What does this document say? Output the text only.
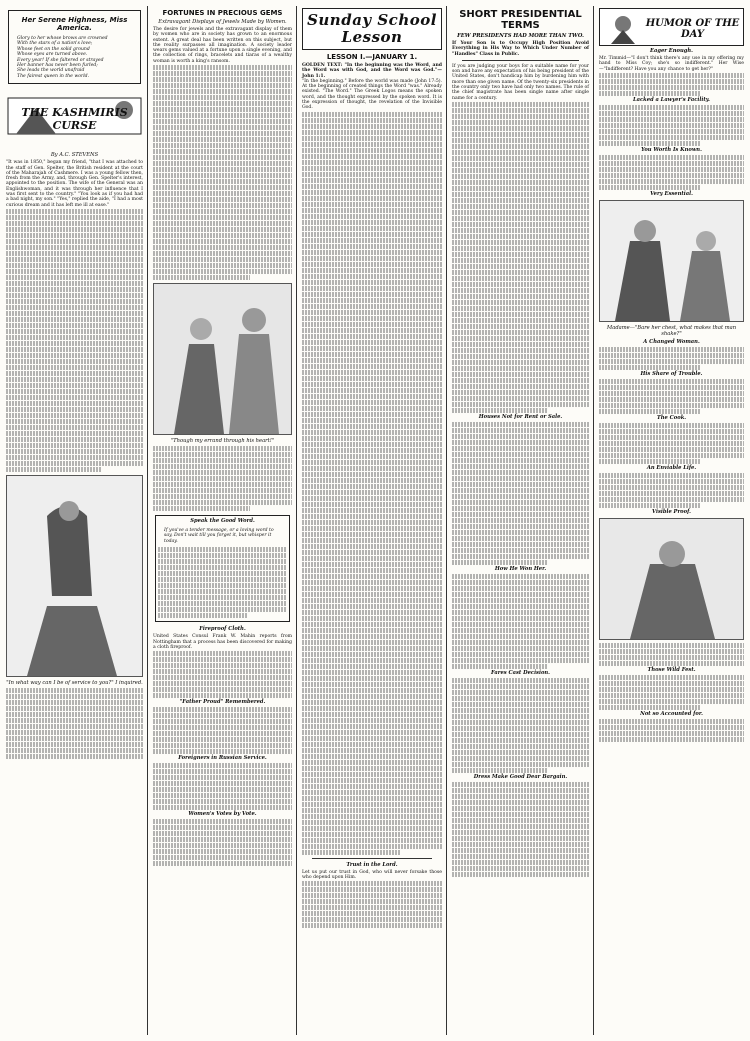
Her Serene Highness, Miss America.
Glory to her whose brows are crowned
With the stars of a nation's love;
Whose feet on the solid ground
Whose eyes are turned above.
Every year! If she faltered or strayed
Her banner has never been furled;
She leads the world unafraid
The fairest queen in the world.
THE KASHMIRIS CURSE
By A.C. STEVENS

"It was in 1850," began my friend, "that I was attached to the staff of Gen. Spelter, the British resident at the court of the Maharajah of Cashmere. I was a young fellow then, fresh from the Army, and, through Gen. Spelter's interest, appointed to the position. The wife of the General was an Englishwoman, and it was through her influence that I was first sent to the country." "You look as if you had had a bad night, my son." "Yes," replied the aide, "I had a most curious dream and it has left me ill at ease."

"In what way can I be of service to you?" I inquired.
FORTUNES IN PRECIOUS GEMS
Extravagant Displays of Jewels Made by Women.

The desire for jewels and the extravagant display of them by women who are in society has grown to an enormous extent. A great deal has been written on this subject, but the reality surpasses all imagination. A society leader wears gems valued at a fortune upon a single evening, and the collection of rings, bracelets and tiaras of a wealthy woman is worth a king's ransom.

"Though my errand through his heart!"
Speak the Good Word.

If you've a tender message, or a loving word to say, Don't wait till you forget it, but whisper it today.

Fireproof Cloth.

United States Consul Frank W. Mahin reports from Nottingham that a process has been discovered for making a cloth fireproof.

"Father Proud" Remembered.
Foreigners in Russian Service.
Women's Votes by Vote.
Sunday School Lesson
LESSON I.—JANUARY 1.

GOLDEN TEXT: "In the beginning was the Word, and the Word was with God, and the Word was God."—John 1:1.

"In the beginning." Before the world was made (John 17:5). At the beginning of created things the Word "was." Already existed. "The Word." The Greek Logos means the spoken word, and the thought expressed by the spoken word. It is the expression of thought, the revelation of the Invisible God.

Trust in the Lord.

Let us put our trust in God, who will never forsake those who depend upon Him.

SHORT PRESIDENTIAL TERMS
FEW PRESIDENTS HAD MORE THAN TWO.

If Your Son is to Occupy High Position Avoid Everything in His Way to Which Under Number of "Handles" Class in Public.

If you are judging your boys for a suitable name for your son and have any expectation of his being president of the United States, don't handicap him by burdening him with more than one given name. Of the twenty-six presidents in the country only two have had only two names. The rule of the chief magistrate has been single name after single name for a century.

Houses Not for Rent or Sale.
How He Won Her.
Fares Cast Decision.
Dress Make Good Dear Bargain.
HUMOR OF THE DAY
Eager Enough.

Mr. Timmid—"I don't think there's any use in my offering my hand to Miss Coy; she's so indifferent." Her Wise—"Indifferent? Have you any chance to get her?"

Lacked a Lawyer's Facility.
You Worth Is Known.
Very Essential.
Madame—"Bare her chest, what makes that man shake?"
A Changed Woman.
His Share of Trouble.
The Cook.
An Enviable Life.
Visible Proof.
Those Wild Fest.
Not so Accounted for.
